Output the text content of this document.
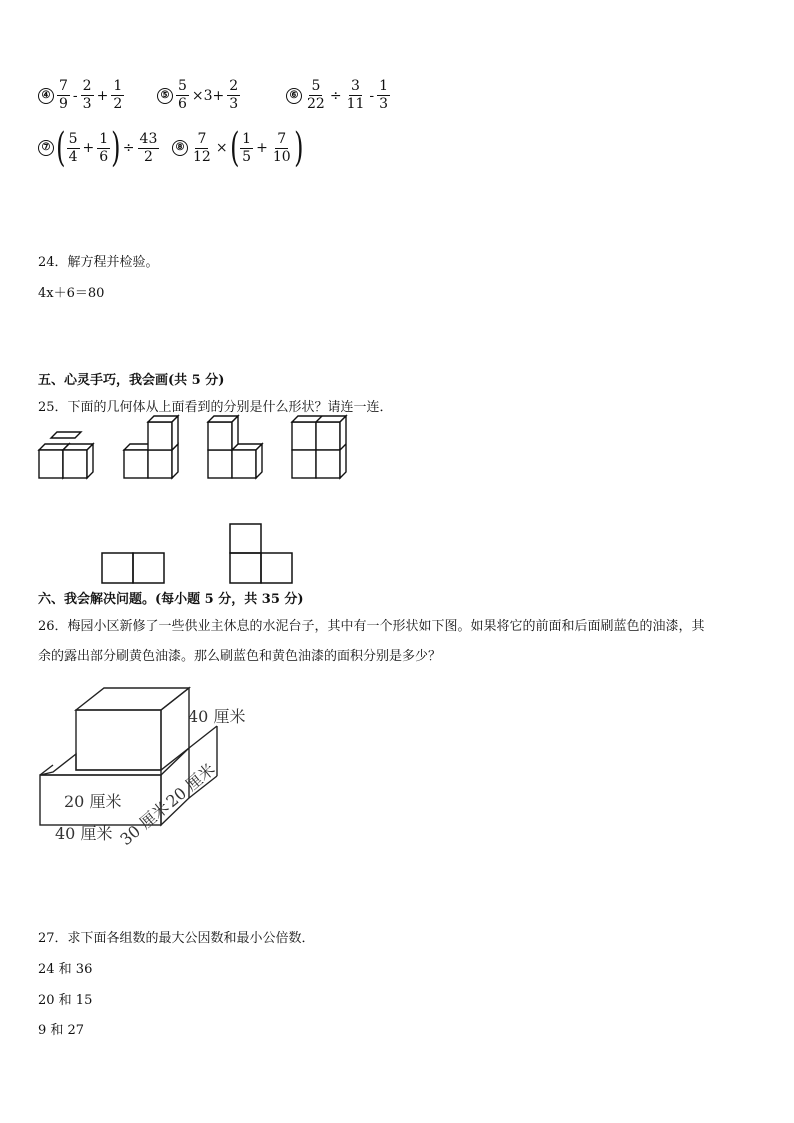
④ $\frac{7}{9} - \frac{2}{3} + \frac{1}{2}$	⑤ $\frac{5}{6} \times 3+ \frac{2}{3}$	⑥ $\frac{5}{22} \div \frac{3}{11} - \frac{1}{3}$
⑦ ( $\frac{5}{4} + \frac{1}{6}$ ) ÷ $\frac{43}{2}$	⑧ $\frac{7}{12}$ × ( $\frac{1}{5} + \frac{7}{10}$ )
24．解方程并检验。
4x＋6＝80
五、心灵手巧，我会画(共 5 分)
25．下面的几何体从上面看到的分别是什么形状？请连一连．
六、我会解决问题。(每小题 5 分，共 35 分)
26．梅园小区新修了一些供业主休息的水泥台子，其中有一个形状如下图。如果将它的前面和后面刷蓝色的油漆，其
余的露出部分刷黄色油漆。那么刷蓝色和黄色油漆的面积分别是多少？
40 厘米
20 厘米
40 厘米 30 厘米
20 厘米
27．求下面各组数的最大公因数和最小公倍数．
24 和 36
20 和 15
9 和 27
